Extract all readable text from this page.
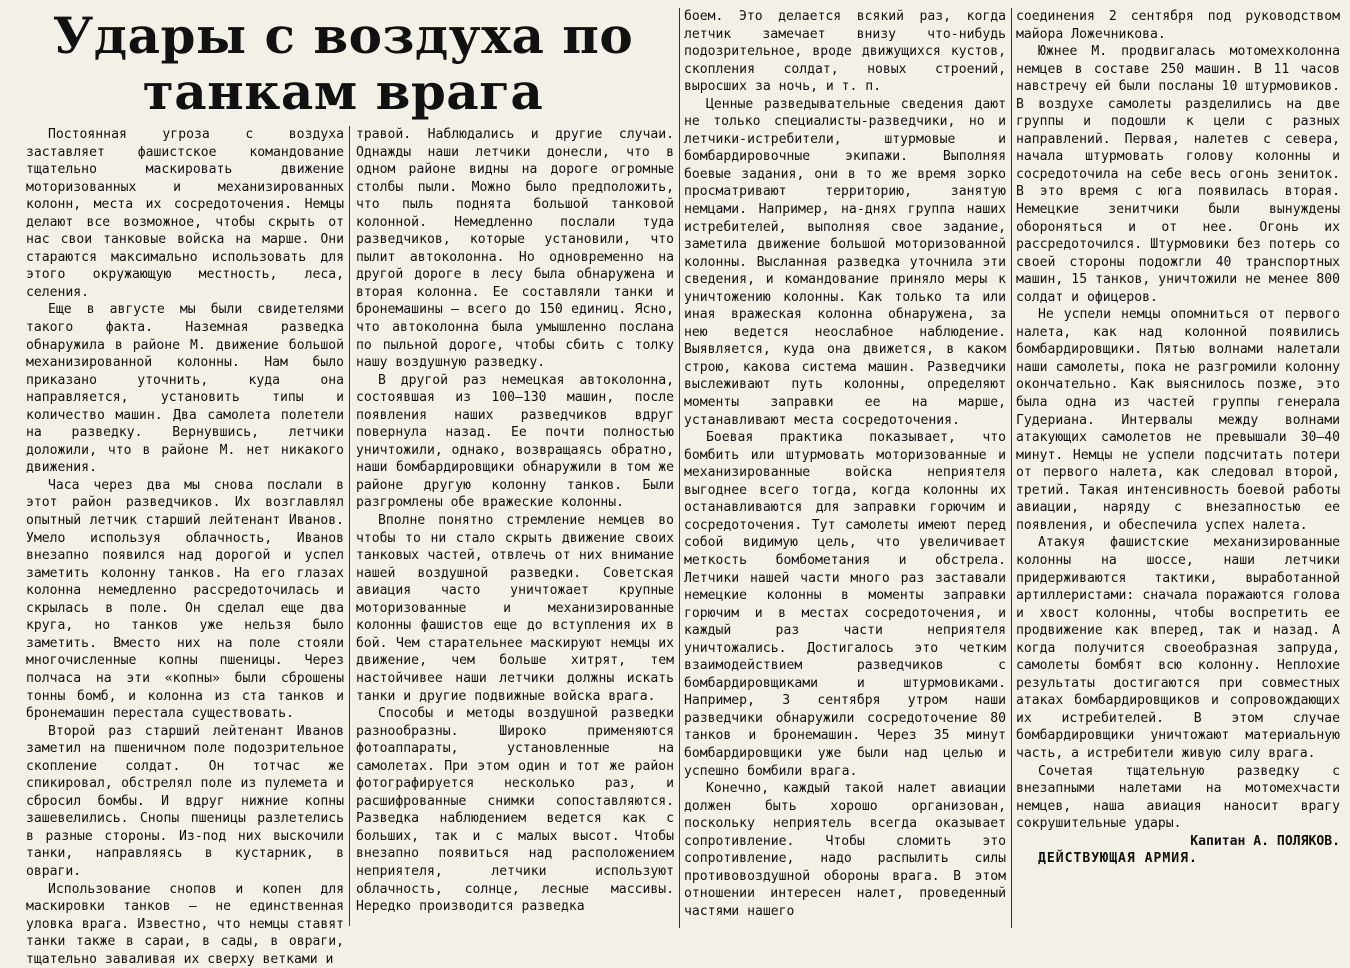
Удары с воздуха по
танкам врага

Постоянная угроза с воздуха заставляет фашистское командование тщательно маскировать движение моторизованных и механизированных колонн, места их сосредоточения. Немцы делают все возможное, чтобы скрыть от нас свои танковые войска на марше. Они стараются максимально использовать для этого окружающую местность, леса, селения.

Еще в августе мы были свидетелями такого факта. Наземная разведка обнаружила в районе М. движение большой механизированной колонны. Нам было приказано уточнить, куда она направляется, установить типы и количество машин. Два самолета полетели на разведку. Вернувшись, летчики доложили, что в районе М. нет никакого движения.

Часа через два мы снова послали в этот район разведчиков. Их возглавлял опытный летчик старший лейтенант Иванов. Умело используя облачность, Иванов внезапно появился над дорогой и успел заметить колонну танков. На его глазах колонна немедленно рассредоточилась и скрылась в поле. Он сделал еще два круга, но танков уже нельзя было заметить. Вместо них на поле стояли многочисленные копны пшеницы. Через полчаса на эти «копны» были сброшены тонны бомб, и колонна из ста танков и бронемашин перестала существовать.

Второй раз старший лейтенант Иванов заметил на пшеничном поле подозрительное скопление солдат. Он тотчас же спикировал, обстрелял поле из пулемета и сбросил бомбы. И вдруг нижние копны зашевелились. Снопы пшеницы разлетелись в разные стороны. Из-под них выскочили танки, направляясь в кустарник, в овраги.

Использование снопов и копен для маскировки танков — не единственная уловка врага. Известно, что немцы ставят танки также в сараи, в сады, в овраги, тщательно заваливая их сверху ветками и

травой. Наблюдались и другие случаи. Однажды наши летчики донесли, что в одном районе видны на дороге огромные столбы пыли. Можно было предположить, что пыль поднята большой танковой колонной. Немедленно послали туда разведчиков, которые установили, что пылит автоколонна. Но одновременно на другой дороге в лесу была обнаружена и вторая колонна. Ее составляли танки и бронемашины — всего до 150 единиц. Ясно, что автоколонна была умышленно послана по пыльной дороге, чтобы сбить с толку нашу воздушную разведку.

В другой раз немецкая автоколонна, состоявшая из 100—130 машин, после появления наших разведчиков вдруг повернула назад. Ее почти полностью уничтожили, однако, возвращаясь обратно, наши бомбардировщики обнаружили в том же районе другую колонну танков. Были разгромлены обе вражеские колонны.

Вполне понятно стремление немцев во чтобы то ни стало скрыть движение своих танковых частей, отвлечь от них внимание нашей воздушной разведки. Советская авиация часто уничтожает крупные моторизованные и механизированные колонны фашистов еще до вступления их в бой. Чем старательнее маскируют немцы их движение, чем больше хитрят, тем настойчивее наши летчики должны искать танки и другие подвижные войска врага.

Способы и методы воздушной разведки разнообразны. Широко применяются фотоаппараты, установленные на самолетах. При этом один и тот же район фотографируется несколько раз, и расшифрованные снимки сопоставляются. Разведка наблюдением ведется как с больших, так и с малых высот. Чтобы внезапно появиться над расположением неприятеля, летчики используют облачность, солнце, лесные массивы. Нередко производится разведка

боем. Это делается всякий раз, когда летчик замечает внизу что-нибудь подозрительное, вроде движущихся кустов, скопления солдат, новых строений, выросших за ночь, и т. п.

Ценные разведывательные сведения дают не только специалисты-разведчики, но и летчики-истребители, штурмовые и бомбардировочные экипажи. Выполняя боевые задания, они в то же время зорко просматривают территорию, занятую немцами. Например, на-днях группа наших истребителей, выполняя свое задание, заметила движение большой моторизованной колонны. Высланная разведка уточнила эти сведения, и командование приняло меры к уничтожению колонны. Как только та или иная вражеская колонна обнаружена, за нею ведется неослабное наблюдение. Выявляется, куда она движется, в каком строю, какова система машин. Разведчики выслеживают путь колонны, определяют моменты заправки ее на марше, устанавливают места сосредоточения.

Боевая практика показывает, что бомбить или штурмовать моторизованные и механизированные войска неприятеля выгоднее всего тогда, когда колонны их останавливаются для заправки горючим и сосредоточения. Тут самолеты имеют перед собой видимую цель, что увеличивает меткость бомбометания и обстрела. Летчики нашей части много раз заставали немецкие колонны в моменты заправки горючим и в местах сосредоточения, и каждый раз части неприятеля уничтожались. Достигалось это четким взаимодействием разведчиков с бомбардировщиками и штурмовиками. Например, 3 сентября утром наши разведчики обнаружили сосредоточение 80 танков и бронемашин. Через 35 минут бомбардировщики уже были над целью и успешно бомбили врага.

Конечно, каждый такой налет авиации должен быть хорошо организован, поскольку неприятель всегда оказывает сопротивление. Чтобы сломить это сопротивление, надо распылить силы противовоздушной обороны врага. В этом отношении интересен налет, проведенный частями нашего

соединения 2 сентября под руководством майора Ложечникова.

Южнее М. продвигалась мотомехколонна немцев в составе 250 машин. В 11 часов навстречу ей были посланы 10 штурмовиков. В воздухе самолеты разделились на две группы и подошли к цели с разных направлений. Первая, налетев с севера, начала штурмовать голову колонны и сосредоточила на себе весь огонь зениток. В это время с юга появилась вторая. Немецкие зенитчики были вынуждены обороняться и от нее. Огонь их рассредоточился. Штурмовики без потерь со своей стороны подожгли 40 транспортных машин, 15 танков, уничтожили не менее 800 солдат и офицеров.

Не успели немцы опомниться от первого налета, как над колонной появились бомбардировщики. Пятью волнами налетали наши самолеты, пока не разгромили колонну окончательно. Как выяснилось позже, это была одна из частей группы генерала Гудериана. Интервалы между волнами атакующих самолетов не превышали 30—40 минут. Немцы не успели подсчитать потери от первого налета, как следовал второй, третий. Такая интенсивность боевой работы авиации, наряду с внезапностью ее появления, и обеспечила успех налета.

Атакуя фашистские механизированные колонны на шоссе, наши летчики придерживаются тактики, выработанной артиллеристами: сначала поражаются голова и хвост колонны, чтобы воспретить ее продвижение как вперед, так и назад. А когда получится своеобразная запруда, самолеты бомбят всю колонну. Неплохие результаты достигаются при совместных атаках бомбардировщиков и сопровождающих их истребителей. В этом случае бомбардировщики уничтожают материальную часть, а истребители живую силу врага.

Сочетая тщательную разведку с внезапными налетами на мотомехчасти немцев, наша авиация наносит врагу сокрушительные удары.

Капитан А. ПОЛЯКОВ.

ДЕЙСТВУЮЩАЯ АРМИЯ.
